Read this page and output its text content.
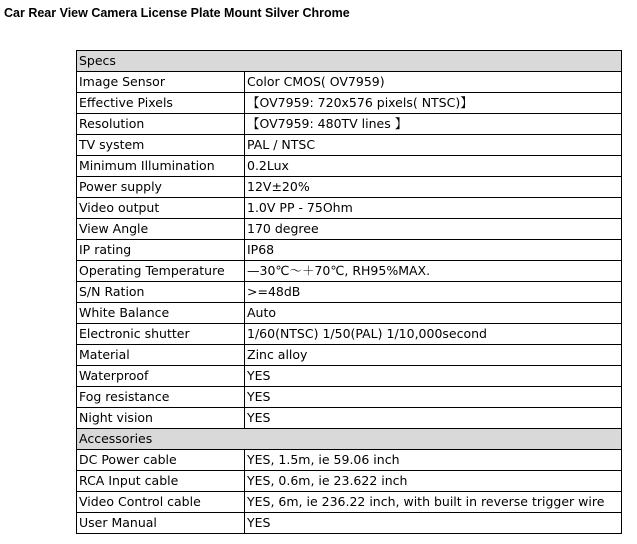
Car Rear View Camera License Plate Mount Silver Chrome
Specs	
Image Sensor	Color CMOS( OV7959)
Effective Pixels	【OV7959: 720x576 pixels( NTSC)】
Resolution	【OV7959: 480TV lines 】
TV system	PAL / NTSC
Minimum Illumination	0.2Lux
Power supply	12V±20%
Video output	1.0V PP - 75Ohm
View Angle	170 degree
IP rating	IP68
Operating Temperature	—30℃～＋70℃, RH95%MAX.
S/N Ration	>=48dB
White Balance	Auto
Electronic shutter	1/60(NTSC) 1/50(PAL) 1/10,000second
Material	Zinc alloy
Waterproof	YES
Fog resistance	YES
Night vision	YES
Accessories	
DC Power cable	YES, 1.5m, ie 59.06 inch
RCA Input cable	YES, 0.6m, ie 23.622 inch
Video Control cable	YES, 6m, ie 236.22 inch, with built in reverse trigger wire
User Manual	YES
